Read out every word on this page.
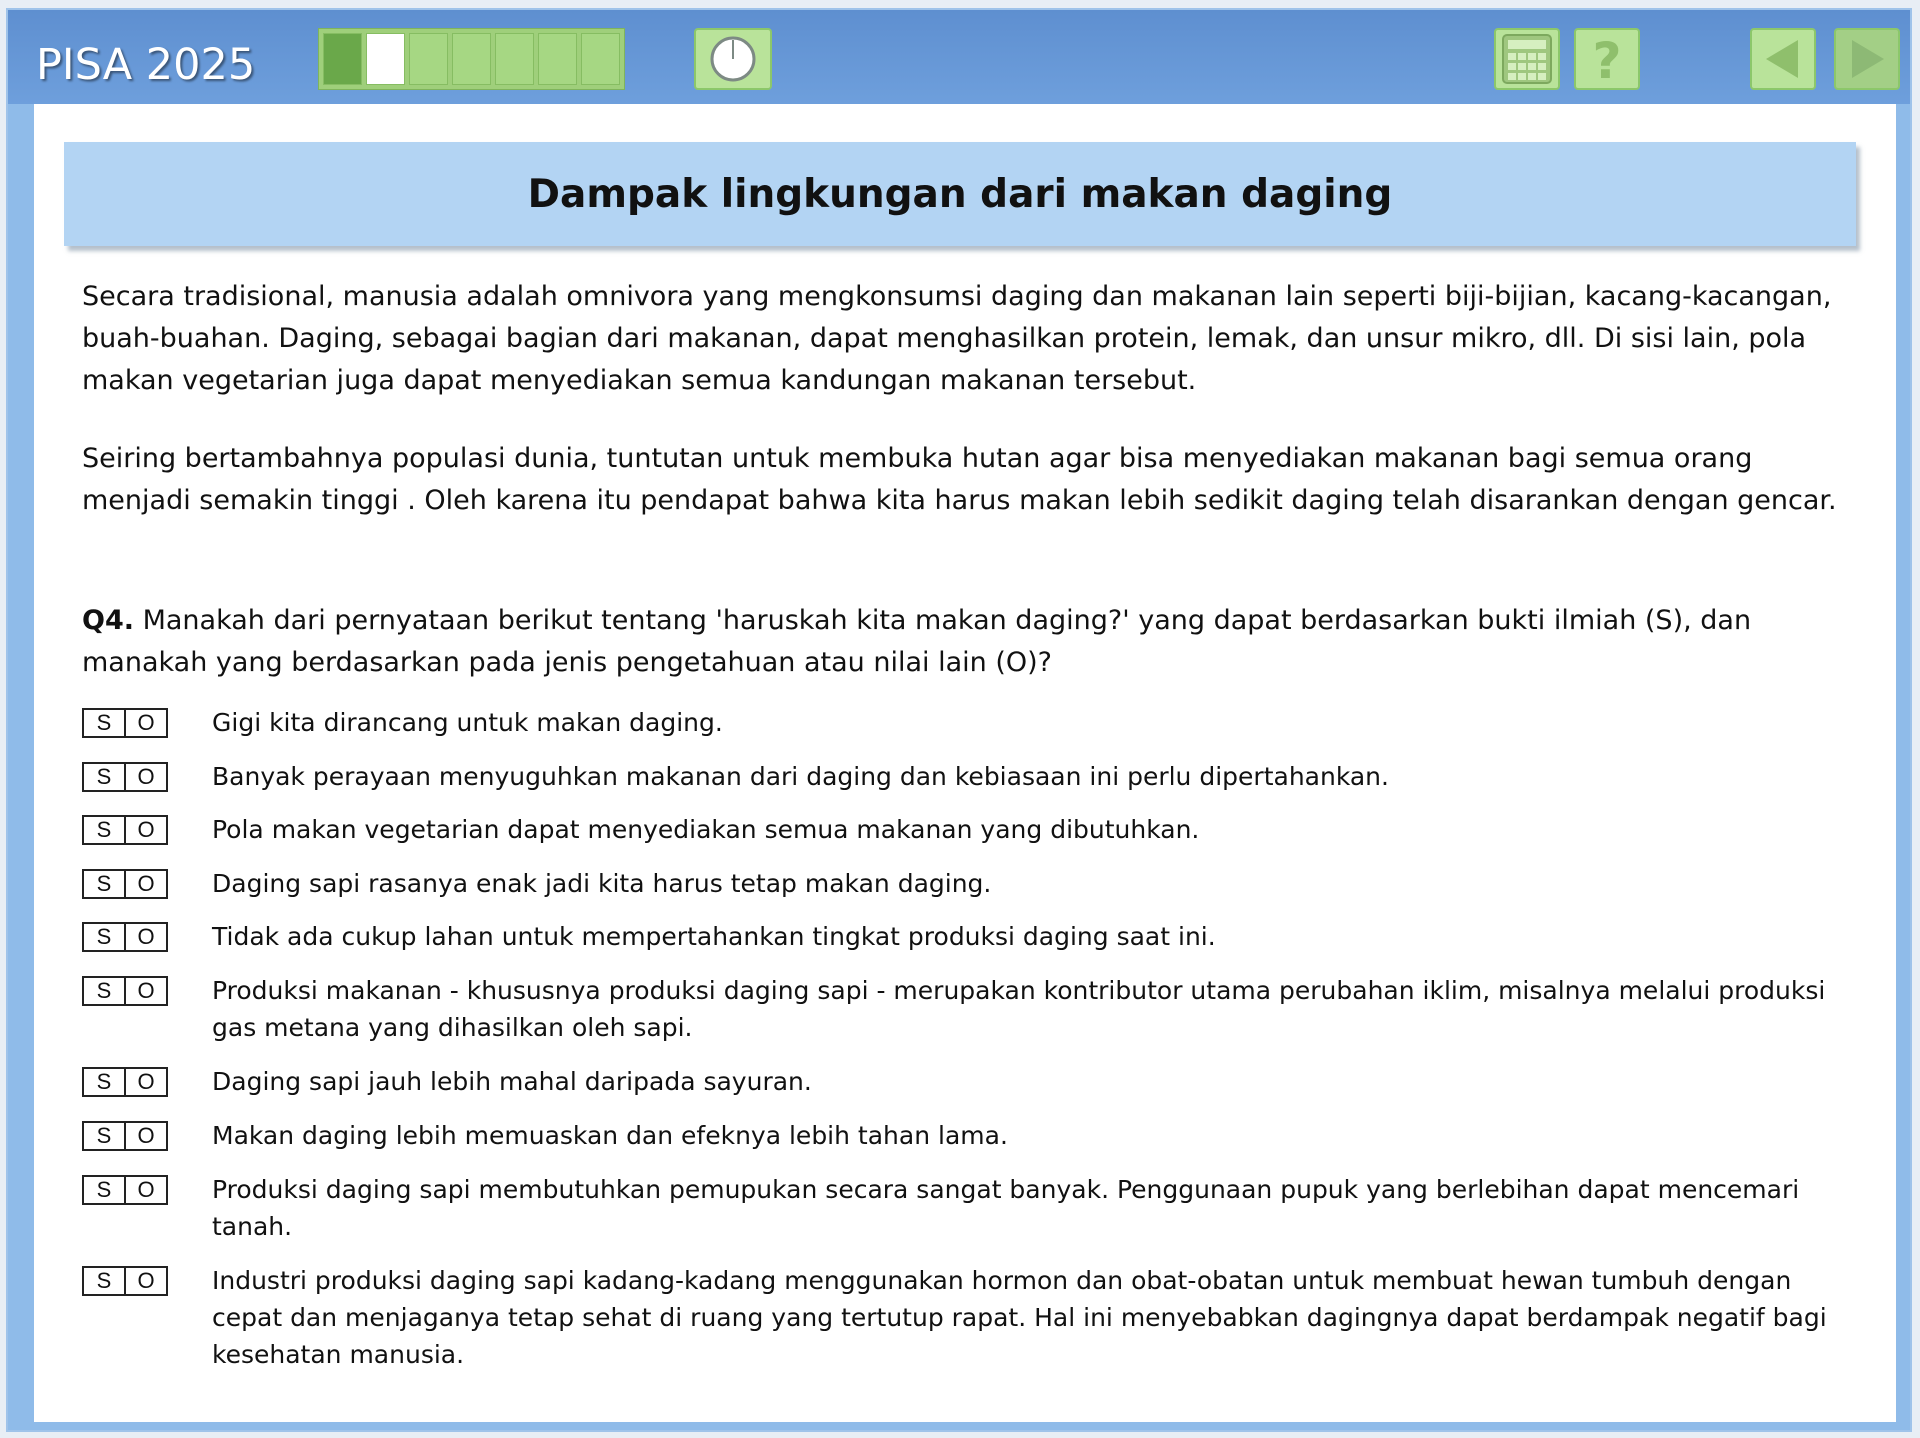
PISA 2025	?
Dampak lingkungan dari makan daging

Secara tradisional, manusia adalah omnivora yang mengkonsumsi daging dan makanan lain seperti biji-bijian, kacang-kacangan, buah-buahan. Daging, sebagai bagian dari makanan, dapat menghasilkan protein, lemak, dan unsur mikro, dll. Di sisi lain, pola makan vegetarian juga dapat menyediakan semua kandungan makanan tersebut.

Seiring bertambahnya populasi dunia, tuntutan untuk membuka hutan agar bisa menyediakan makanan bagi semua orang menjadi semakin tinggi . Oleh karena itu pendapat bahwa kita harus makan lebih sedikit daging telah disarankan dengan gencar.

Q4. Manakah dari pernyataan berikut tentang 'haruskah kita makan daging?' yang dapat berdasarkan bukti ilmiah (S), dan manakah yang berdasarkan pada jenis pengetahuan atau nilai lain (O)?

S	O	Gigi kita dirancang untuk makan daging.
S	O	Banyak perayaan menyuguhkan makanan dari daging dan kebiasaan ini perlu dipertahankan.
S	O	Pola makan vegetarian dapat menyediakan semua makanan yang dibutuhkan.
S	O	Daging sapi rasanya enak jadi kita harus tetap makan daging.
S	O	Tidak ada cukup lahan untuk mempertahankan tingkat produksi daging saat ini.
S	O	Produksi makanan - khususnya produksi daging sapi - merupakan kontributor utama perubahan iklim, misalnya melalui produksi gas metana yang dihasilkan oleh sapi.
S	O	Daging sapi jauh lebih mahal daripada sayuran.
S	O	Makan daging lebih memuaskan dan efeknya lebih tahan lama.
S	O	Produksi daging sapi membutuhkan pemupukan secara sangat banyak. Penggunaan pupuk yang berlebihan dapat mencemari tanah.
S	O	Industri produksi daging sapi kadang-kadang menggunakan hormon dan obat-obatan untuk membuat hewan tumbuh dengan cepat dan menjaganya tetap sehat di ruang yang tertutup rapat. Hal ini menyebabkan dagingnya dapat berdampak negatif bagi kesehatan manusia.
